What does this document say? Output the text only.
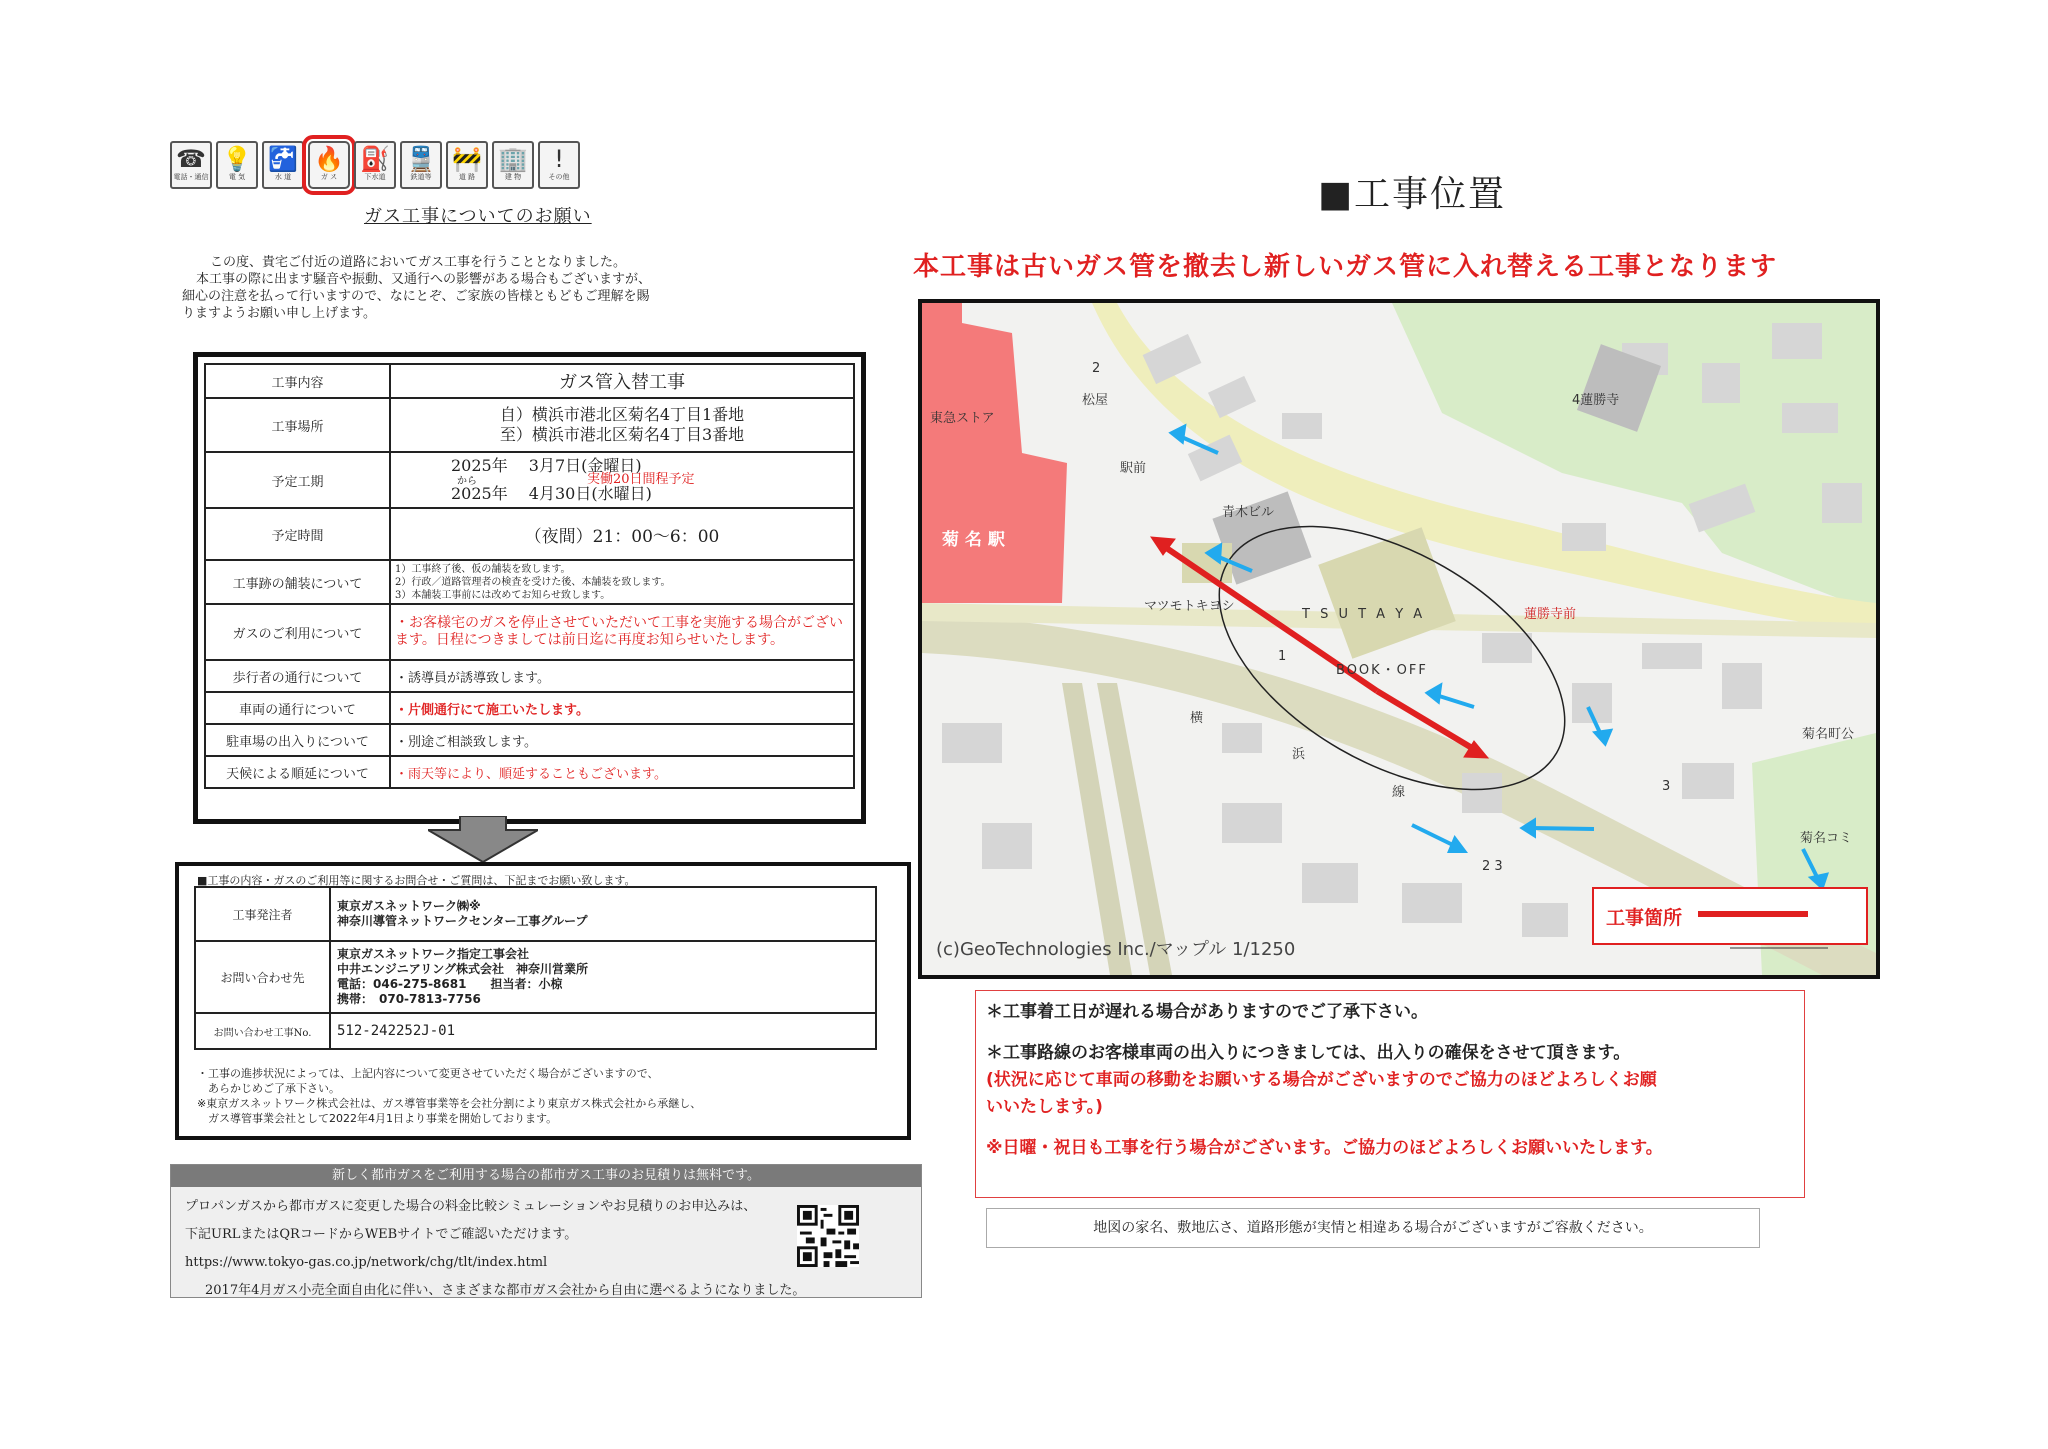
☎
電話・通信
💡
電 気
🚰
水 道
🔥
ガ ス
⛽
下水道
🚆
鉄道等
🚧
道 路
🏢
建 物
!
その他
ガス工事についてのお願い
この度、貴宅ご付近の道路においてガス工事を行うこととなりました。
本工事の際に出ます騒音や振動、又通行への影響がある場合もございますが、
細心の注意を払って行いますので、なにとぞ、ご家族の皆様ともどもご理解を賜
りますようお願い申し上げます。
工事内容	ガス管入替工事
工事場所	自）横浜市港北区菊名4丁目1番地
至）横浜市港北区菊名4丁目3番地

予定工期	2025年　 3月7日(金曜日)
から 実働20日間程予定
2025年　 4月30日(水曜日)

予定時間	（夜間）21：00〜6：00
工事跡の舗装について	1）工事終了後、仮の舗装を致します。
2）行政／道路管理者の検査を受けた後、本舗装を致します。
3）本舗装工事前には改めてお知らせ致します。

ガスのご利用について	・お客様宅のガスを停止させていただいて工事を実施する場合がございます。日程につきましては前日迄に再度お知らせいたします。
歩行者の通行について	・誘導員が誘導致します。
車両の通行について	・片側通行にて施工いたします。
駐車場の出入りについて	・別途ご相談致します。
天候による順延について	・雨天等により、順延することもございます。
■工事の内容・ガスのご利用等に関するお問合せ・ご質問は、下記までお願い致します。
工事発注者	東京ガスネットワーク㈱※
神奈川導管ネットワークセンター工事グループ

お問い合わせ先	東京ガスネットワーク指定工事会社
中井エンジニアリング株式会社　神奈川営業所
電話：046-275-8681　　担当者：小椋
携帯：　070-7813-7756

お問い合わせ工事No.	512-242252J-01
・工事の進捗状況によっては、上記内容について変更させていただく場合がございますので、
　あらかじめご了承下さい。
※東京ガスネットワーク株式会社は、ガス導管事業等を会社分割により東京ガス株式会社から承継し、
　ガス導管事業会社として2022年4月1日より事業を開始しております。
新しく都市ガスをご利用する場合の都市ガス工事のお見積りは無料です。
プロパンガスから都市ガスに変更した場合の料金比較シミュレーションやお見積りのお申込みは、
下記URLまたはQRコードからWEBサイトでご確認いただけます。
https://www.tokyo-gas.co.jp/network/chg/tlt/index.html
2017年4月ガス小売全面自由化に伴い、さまざまな都市ガス会社から自由に選べるようになりました。
■工事位置
本工事は古いガス管を撤去し新しいガス管に入れ替える工事となります
東急ストア
松屋
駅前
菊 名 駅
青木ビル
マツモトキヨシ
T S U T A Y A
BOOK・OFF
4蓮勝寺
蓮勝寺前
菊名町公
菊名コミ
横
浜
線
1
2
3
2 3
(c)GeoTechnologies Inc./マップル 1/1250
工事箇所
＊工事着工日が遅れる場合がありますのでご了承下さい。
＊工事路線のお客様車両の出入りにつきましては、出入りの確保をさせて頂きます。
(状況に応じて車両の移動をお願いする場合がございますのでご協力のほどよろしくお願
いいたします。)
※日曜・祝日も工事を行う場合がございます。ご協力のほどよろしくお願いいたします。
地図の家名、敷地広さ、道路形態が実情と相違ある場合がございますがご容赦ください。
